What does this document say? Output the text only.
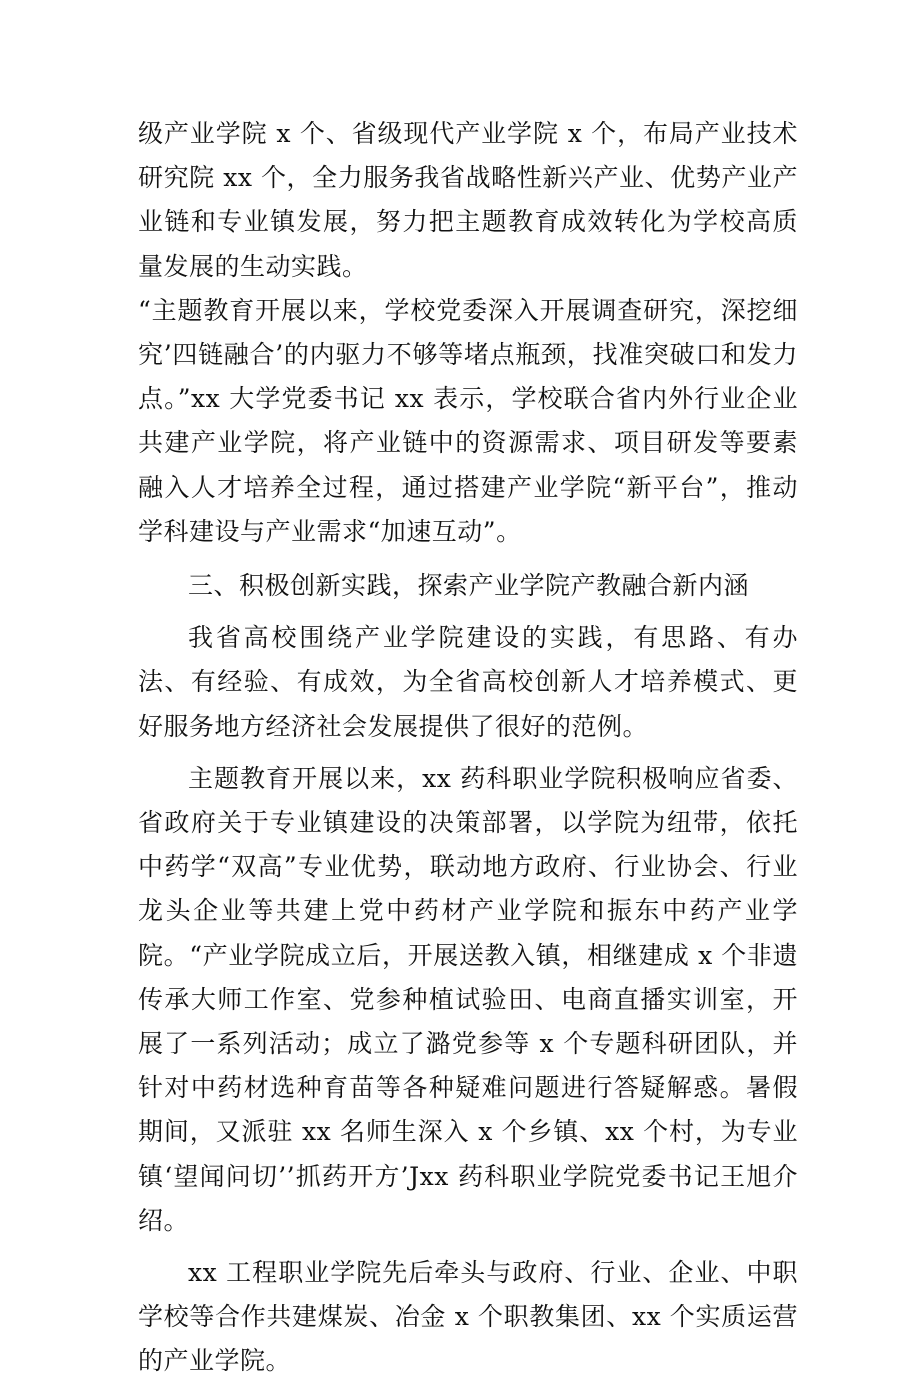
级产业学院 x 个、省级现代产业学院 x 个，布局产业技术研究院 xx 个，全力服务我省战略性新兴产业、优势产业产业链和专业镇发展，努力把主题教育成效转化为学校高质量发展的生动实践。

“主题教育开展以来，学校党委深入开展调查研究，深挖细究’四链融合’的内驱力不够等堵点瓶颈，找准突破口和发力点。”xx 大学党委书记 xx 表示，学校联合省内外行业企业共建产业学院，将产业链中的资源需求、项目研发等要素融入人才培养全过程，通过搭建产业学院“新平台”，推动学科建设与产业需求“加速互动”。

三、积极创新实践，探索产业学院产教融合新内涵

我省高校围绕产业学院建设的实践，有思路、有办法、有经验、有成效，为全省高校创新人才培养模式、更好服务地方经济社会发展提供了很好的范例。

主题教育开展以来，xx 药科职业学院积极响应省委、省政府关于专业镇建设的决策部署，以学院为纽带，依托中药学“双高”专业优势，联动地方政府、行业协会、行业龙头企业等共建上党中药材产业学院和振东中药产业学院。“产业学院成立后，开展送教入镇，相继建成 x 个非遗传承大师工作室、党参种植试验田、电商直播实训室，开展了一系列活动；成立了潞党参等 x 个专题科研团队，并针对中药材选种育苗等各种疑难问题进行答疑解惑。暑假期间，又派驻 xx 名师生深入 x 个乡镇、xx 个村，为专业镇‘望闻问切’’抓药开方’Jxx 药科职业学院党委书记王旭介绍。

xx 工程职业学院先后牵头与政府、行业、企业、中职学校等合作共建煤炭、冶金 x 个职教集团、xx 个实质运营的产业学院。
